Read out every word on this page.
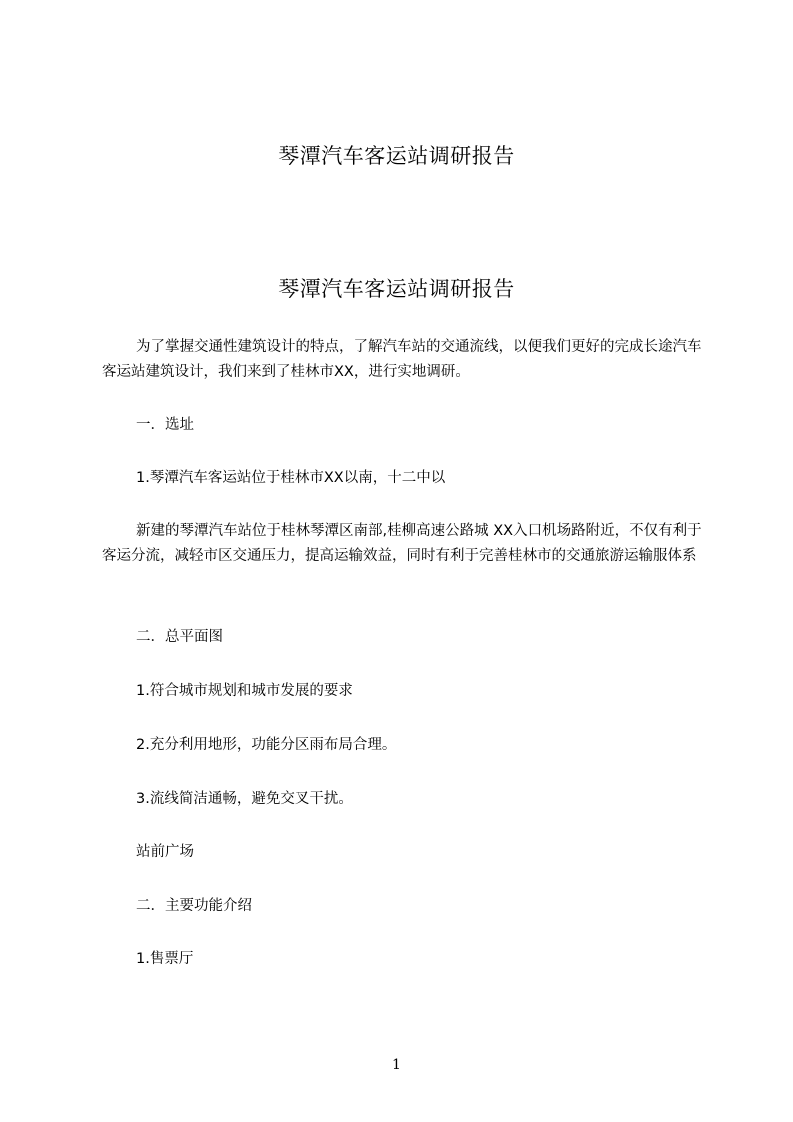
琴潭汽车客运站调研报告
琴潭汽车客运站调研报告

为了掌握交通性建筑设计的特点，了解汽车站的交通流线，以便我们更好的完成长途汽车客运站建筑设计，我们来到了桂林市XX，进行实地调研。

一．选址
1.琴潭汽车客运站位于桂林市XX以南，十二中以

新建的琴潭汽车站位于桂林琴潭区南部,桂柳高速公路城 XX入口机场路附近，不仅有利于客运分流，减轻市区交通压力，提高运输效益，同时有利于完善桂林市的交通旅游运输服体系

二．总平面图
1.符合城市规划和城市发展的要求
2.充分利用地形，功能分区雨布局合理。
3.流线简洁通畅，避免交叉干扰。
站前广场
二．主要功能介绍
1.售票厅
1
